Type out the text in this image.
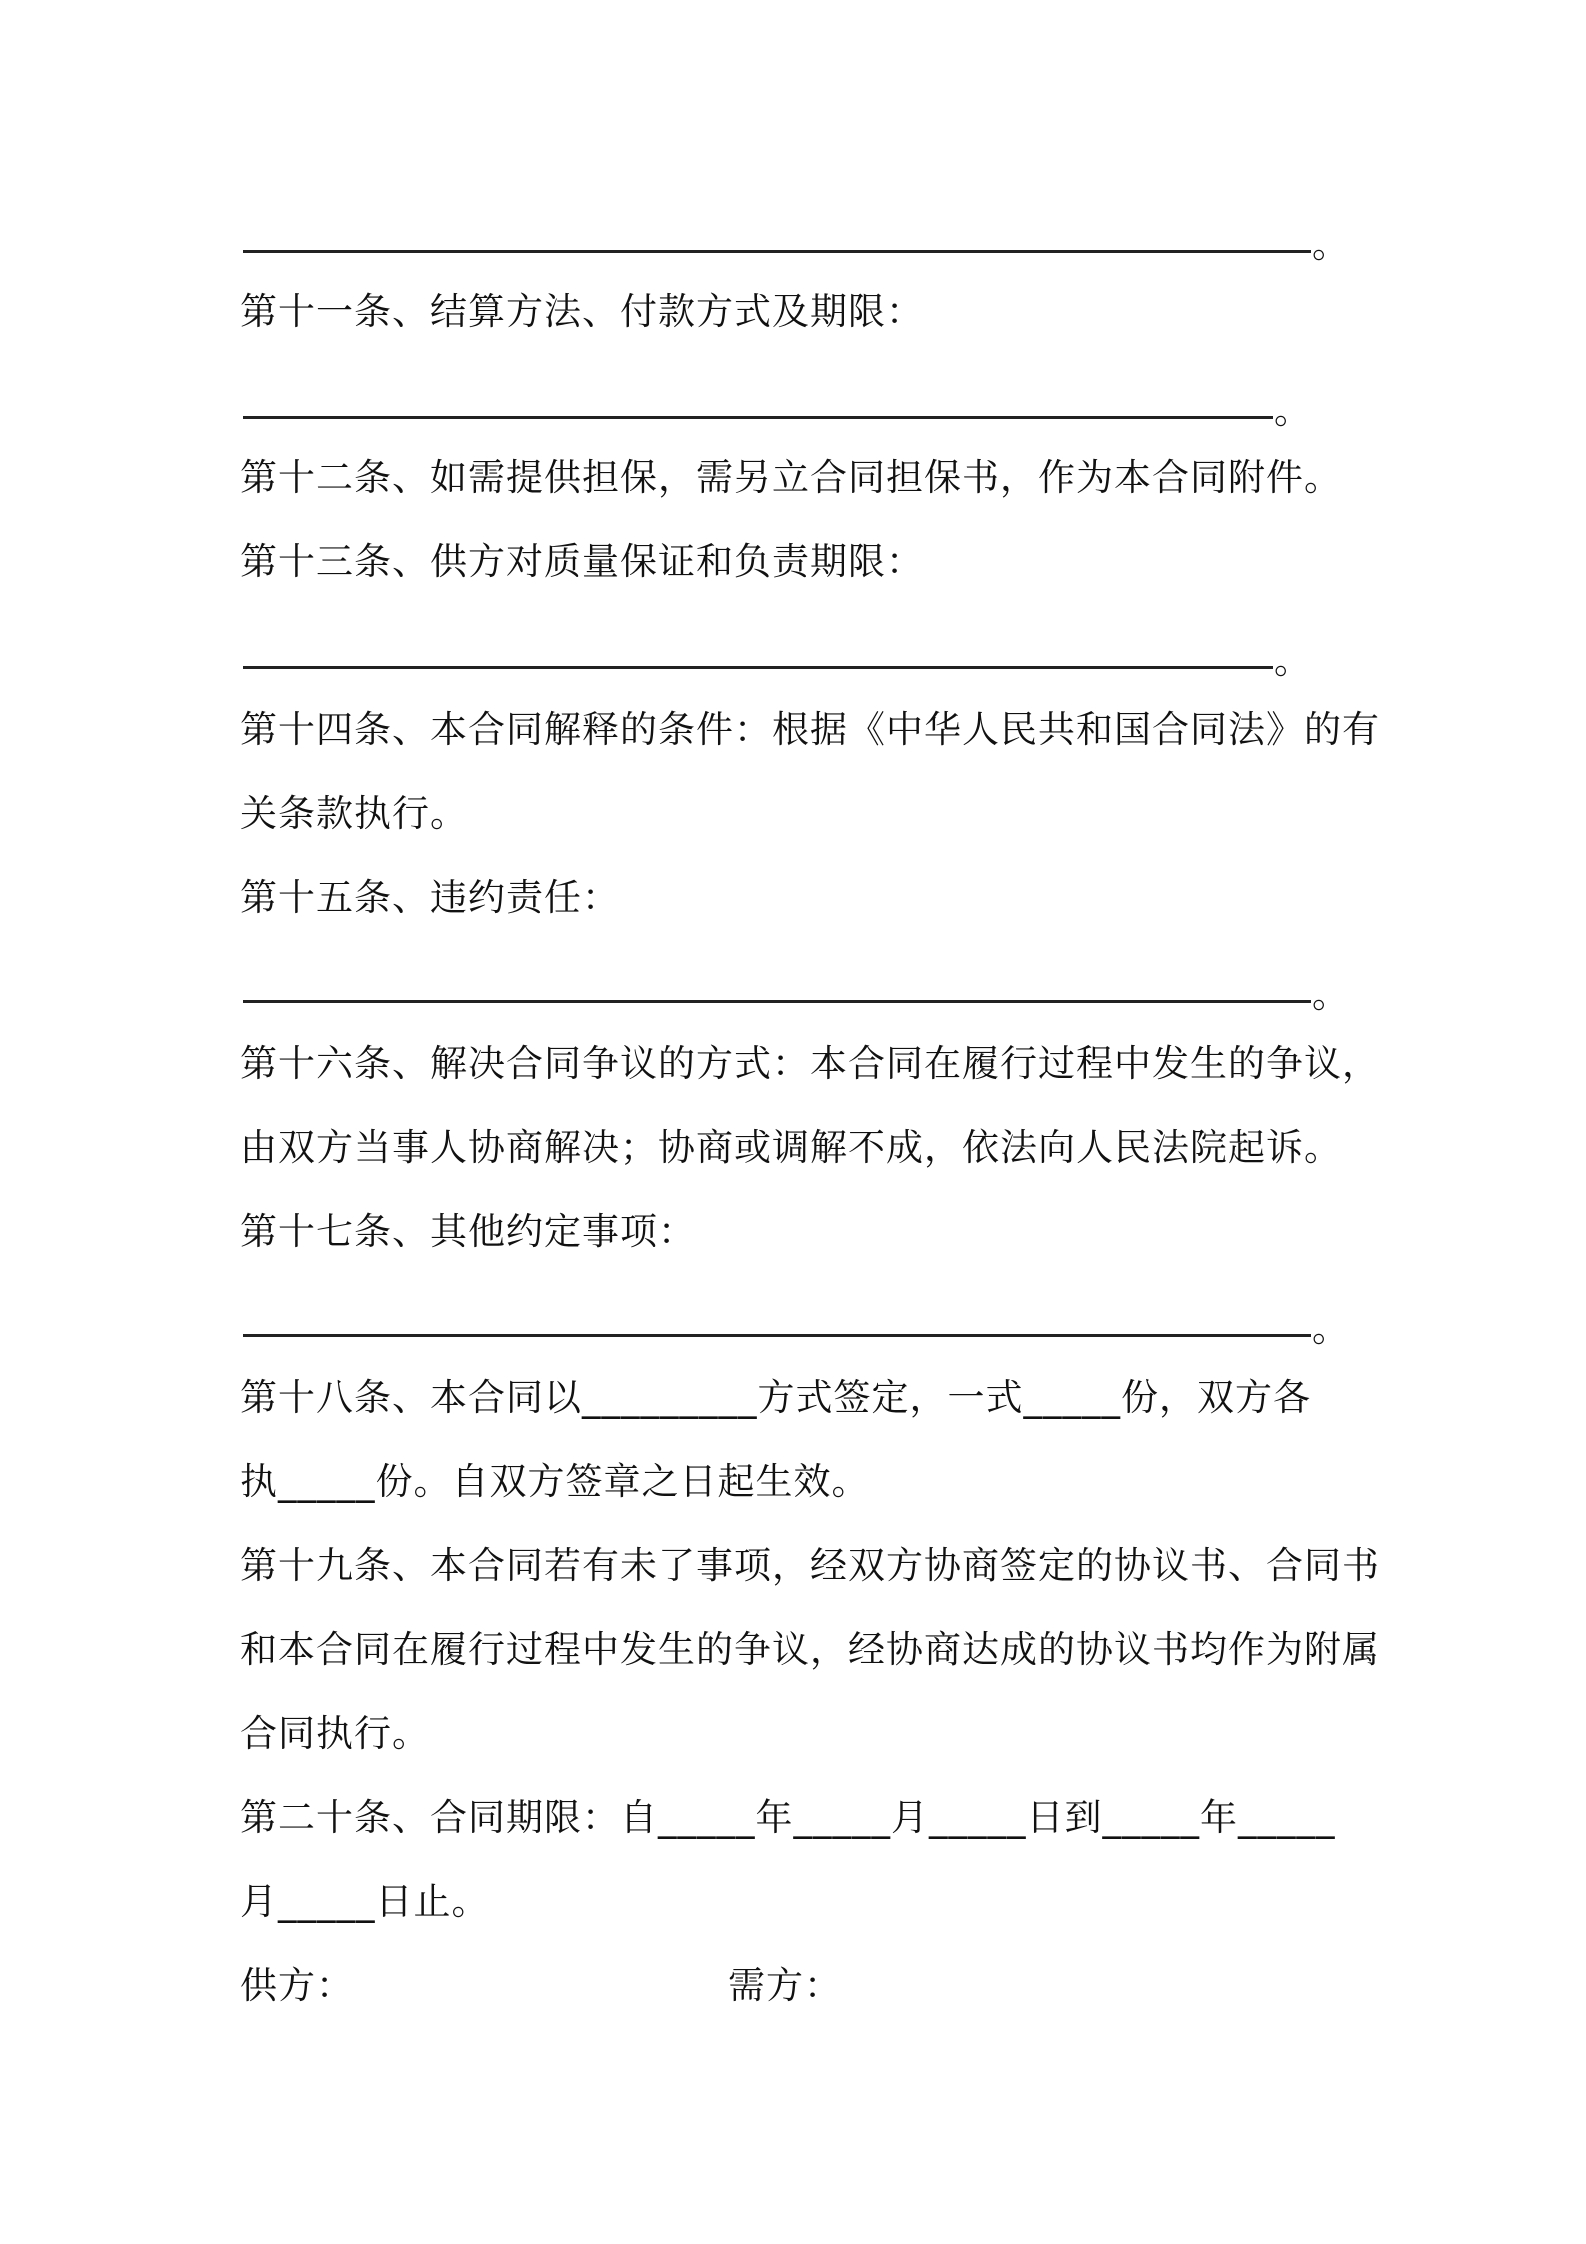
。
第十一条、结算方法、付款方式及期限：
。
第十二条、如需提供担保，需另立合同担保书，作为本合同附件。
第十三条、供方对质量保证和负责期限：
。
第十四条、本合同解释的条件：根据《中华人民共和国合同法》的有
关条款执行。
第十五条、违约责任：
。
第十六条、解决合同争议的方式：本合同在履行过程中发生的争议，
由双方当事人协商解决；协商或调解不成，依法向人民法院起诉。
第十七条、其他约定事项：
。
第十八条、本合同以_________方式签定，一式_____份，双方各
执_____份。自双方签章之日起生效。
第十九条、本合同若有未了事项，经双方协商签定的协议书、合同书
和本合同在履行过程中发生的争议，经协商达成的协议书均作为附属
合同执行。
第二十条、合同期限：自_____年_____月_____日到_____年_____
月_____日止。
供方：	需方：
